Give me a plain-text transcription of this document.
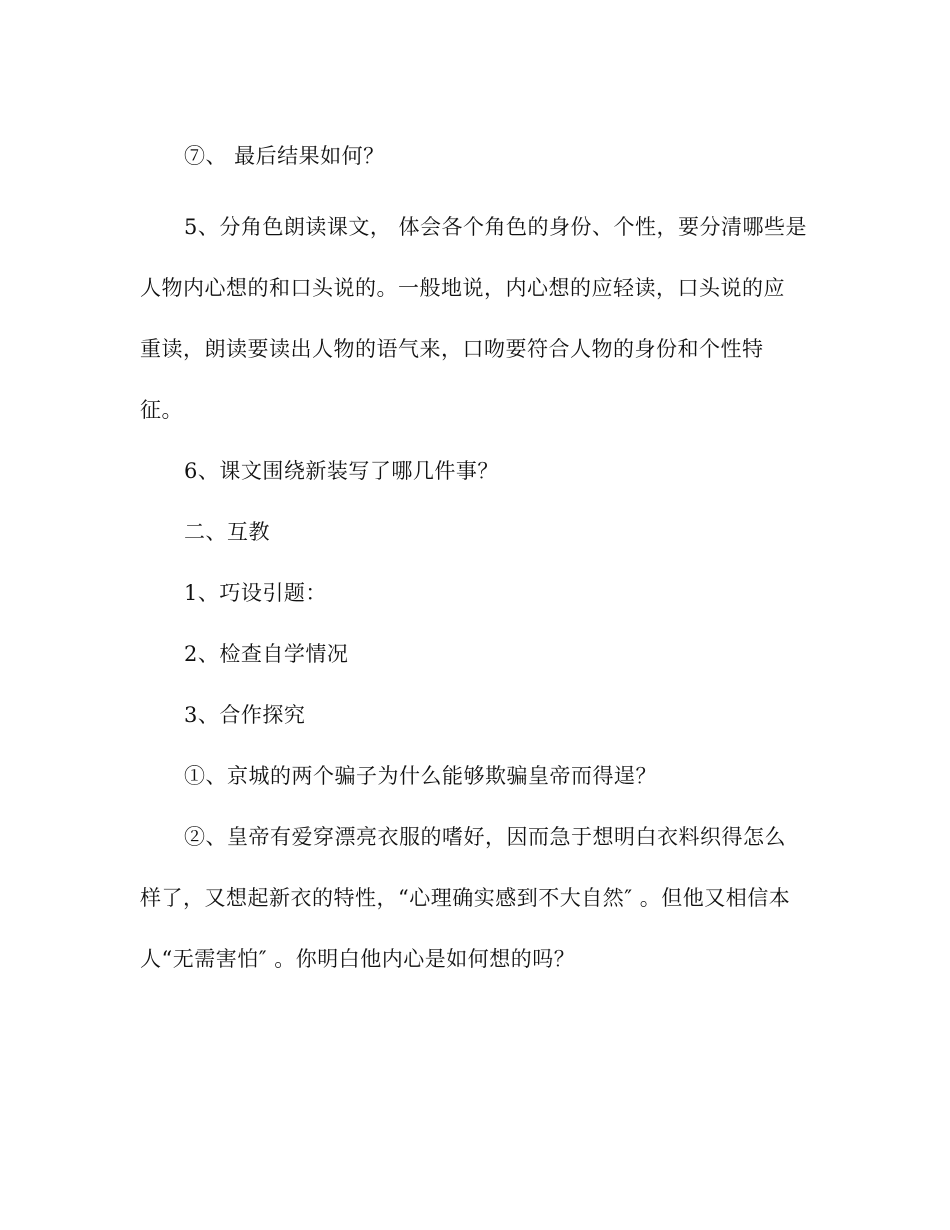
⑦、 最后结果如何？
5、分角色朗读课文， 体会各个角色的身份、个性，要分清哪些是
人物内心想的和口头说的。一般地说，内心想的应轻读，口头说的应
重读，朗读要读出人物的语气来，口吻要符合人物的身份和个性特
征。
6、课文围绕新装写了哪几件事？
二、互教
1、巧设引题：
2、检查自学情况
3、合作探究
①、京城的两个骗子为什么能够欺骗皇帝而得逞？
②、皇帝有爱穿漂亮衣服的嗜好，因而急于想明白衣料织得怎么
样了，又想起新衣的特性，“心理确实感到不大自然″ 。但他又相信本
人“无需害怕″ 。你明白他内心是如何想的吗？
